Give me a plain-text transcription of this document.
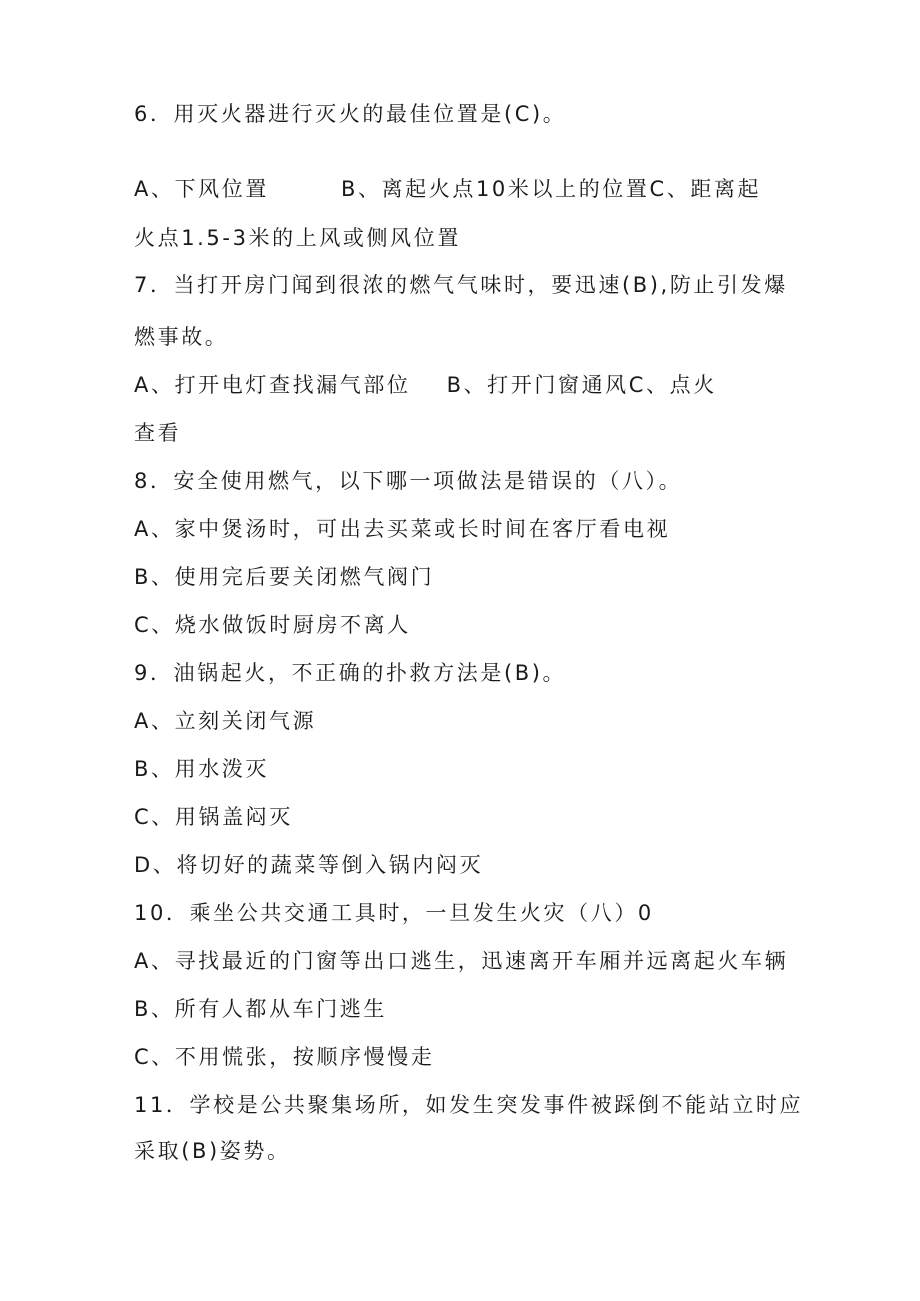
6．用灭火器进行灭火的最佳位置是(C)。
A、下风位置	B、离起火点10米以上的位置C、距离起
火点1.5-3米的上风或侧风位置
7．当打开房门闻到很浓的燃气气味时，要迅速(B),防止引发爆
燃事故。
A、打开电灯查找漏气部位 B、打开门窗通风C、点火
查看
8．安全使用燃气，以下哪一项做法是错误的（八）。
A、家中煲汤时，可出去买菜或长时间在客厅看电视
B、使用完后要关闭燃气阀门
C、烧水做饭时厨房不离人
9．油锅起火，不正确的扑救方法是(B)。
A、立刻关闭气源
B、用水泼灭
C、用锅盖闷灭
D、将切好的蔬菜等倒入锅内闷灭
10．乘坐公共交通工具时，一旦发生火灾（八）0
A、寻找最近的门窗等出口逃生，迅速离开车厢并远离起火车辆
B、所有人都从车门逃生
C、不用慌张，按顺序慢慢走
11．学校是公共聚集场所，如发生突发事件被踩倒不能站立时应
采取(B)姿势。
